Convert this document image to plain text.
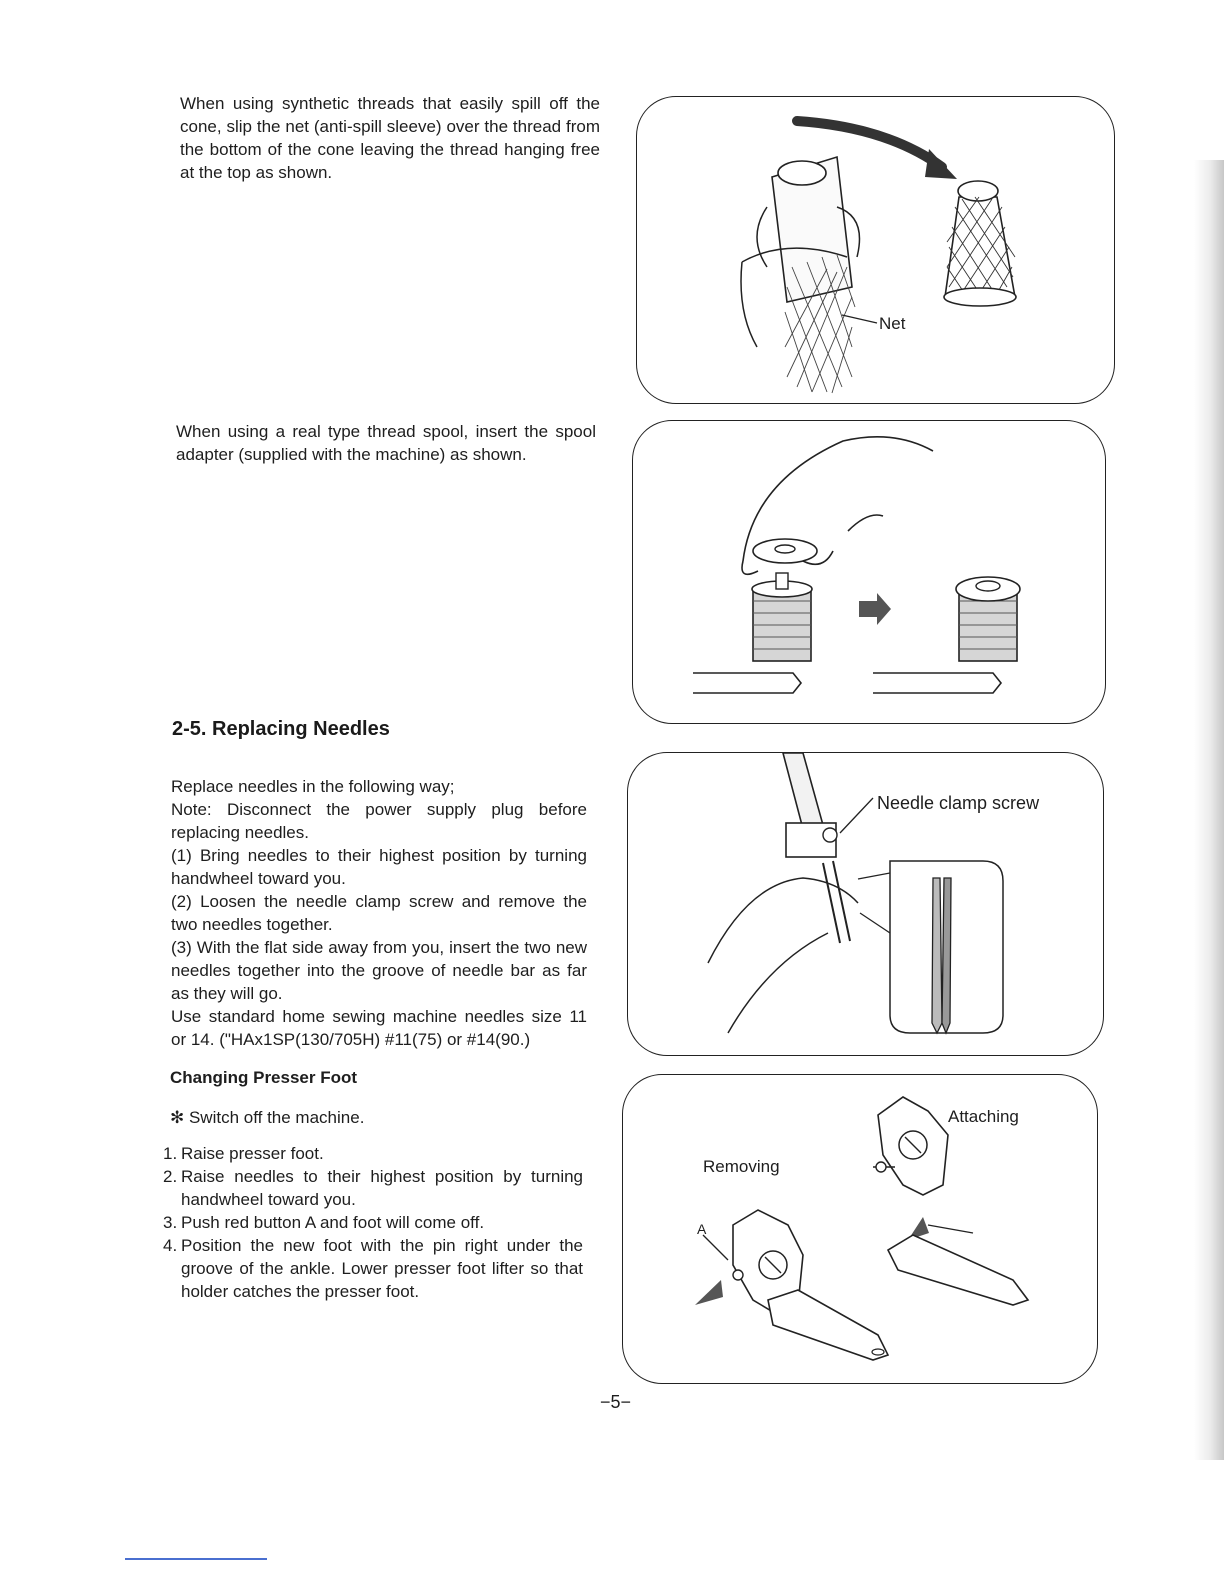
When using synthetic threads that easily spill off the cone, slip the net (anti-spill sleeve) over the thread from the bottom of the cone leaving the thread hanging free at the top as shown.

When using a real type thread spool, insert the spool adapter (supplied with the machine) as shown.

2-5. Replacing Needles
Replace needles in the following way;
Note: Disconnect the power supply plug before replacing needles.
(1) Bring needles to their highest position by turning handwheel toward you.
(2) Loosen the needle clamp screw and remove the two needles together.
(3) With the flat side away from you, insert the two new needles together into the groove of needle bar as far as they will go.
Use standard home sewing machine needles size 11 or 14. ("HAx1SP(130/705H) #11(75) or #14(90.)
Changing Presser Foot
✻ Switch off the machine.
1. Raise presser foot.
2. Raise needles to their highest position by turning handwheel toward you.
3. Push red button A and foot will come off.
4. Position the new foot with the pin right under the groove of the ankle. Lower presser foot lifter so that holder catches the presser foot.
Net
Needle clamp screw
Attaching
Removing
A
−5−
